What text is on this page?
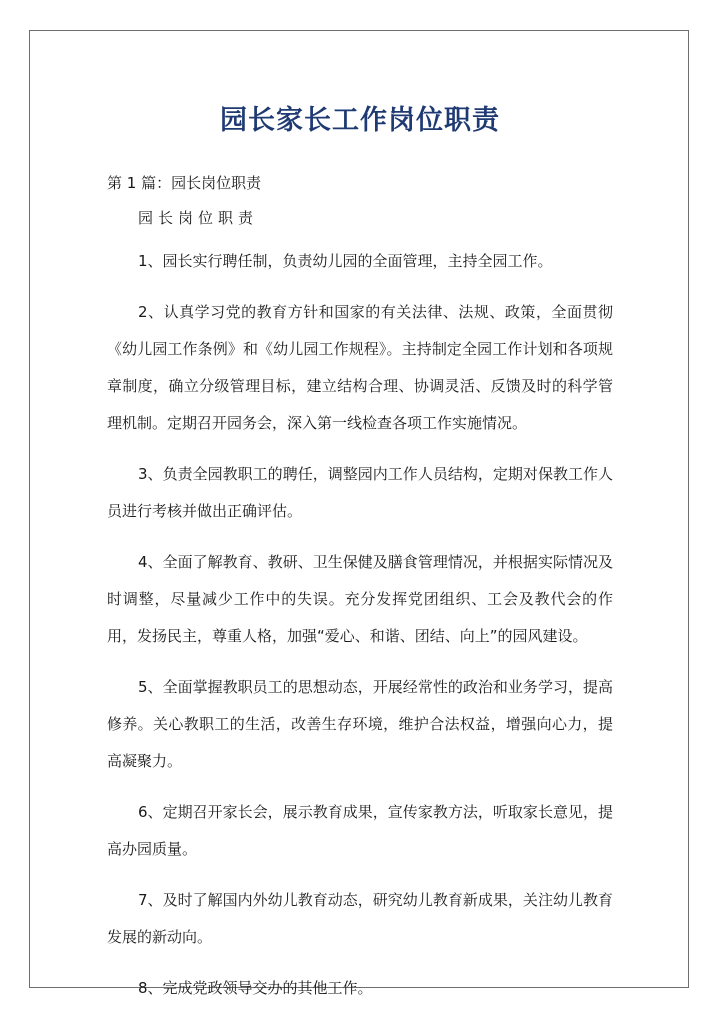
园长家长工作岗位职责

第 1 篇：园长岗位职责

园长岗位职责

1、园长实行聘任制，负责幼儿园的全面管理，主持全园工作。

2、认真学习党的教育方针和国家的有关法律、法规、政策，全面贯彻《幼儿园工作条例》和《幼儿园工作规程》。主持制定全园工作计划和各项规章制度，确立分级管理目标，建立结构合理、协调灵活、反馈及时的科学管理机制。定期召开园务会，深入第一线检查各项工作实施情况。

3、负责全园教职工的聘任，调整园内工作人员结构，定期对保教工作人员进行考核并做出正确评估。

4、全面了解教育、教研、卫生保健及膳食管理情况，并根据实际情况及时调整，尽量减少工作中的失误。充分发挥党团组织、工会及教代会的作用，发扬民主，尊重人格，加强“爱心、和谐、团结、向上”的园风建设。

5、全面掌握教职员工的思想动态，开展经常性的政治和业务学习，提高修养。关心教职工的生活，改善生存环境，维护合法权益，增强向心力，提高凝聚力。

6、定期召开家长会，展示教育成果，宣传家教方法，听取家长意见，提高办园质量。

7、及时了解国内外幼儿教育动态，研究幼儿教育新成果，关注幼儿教育发展的新动向。

8、完成党政领导交办的其他工作。
